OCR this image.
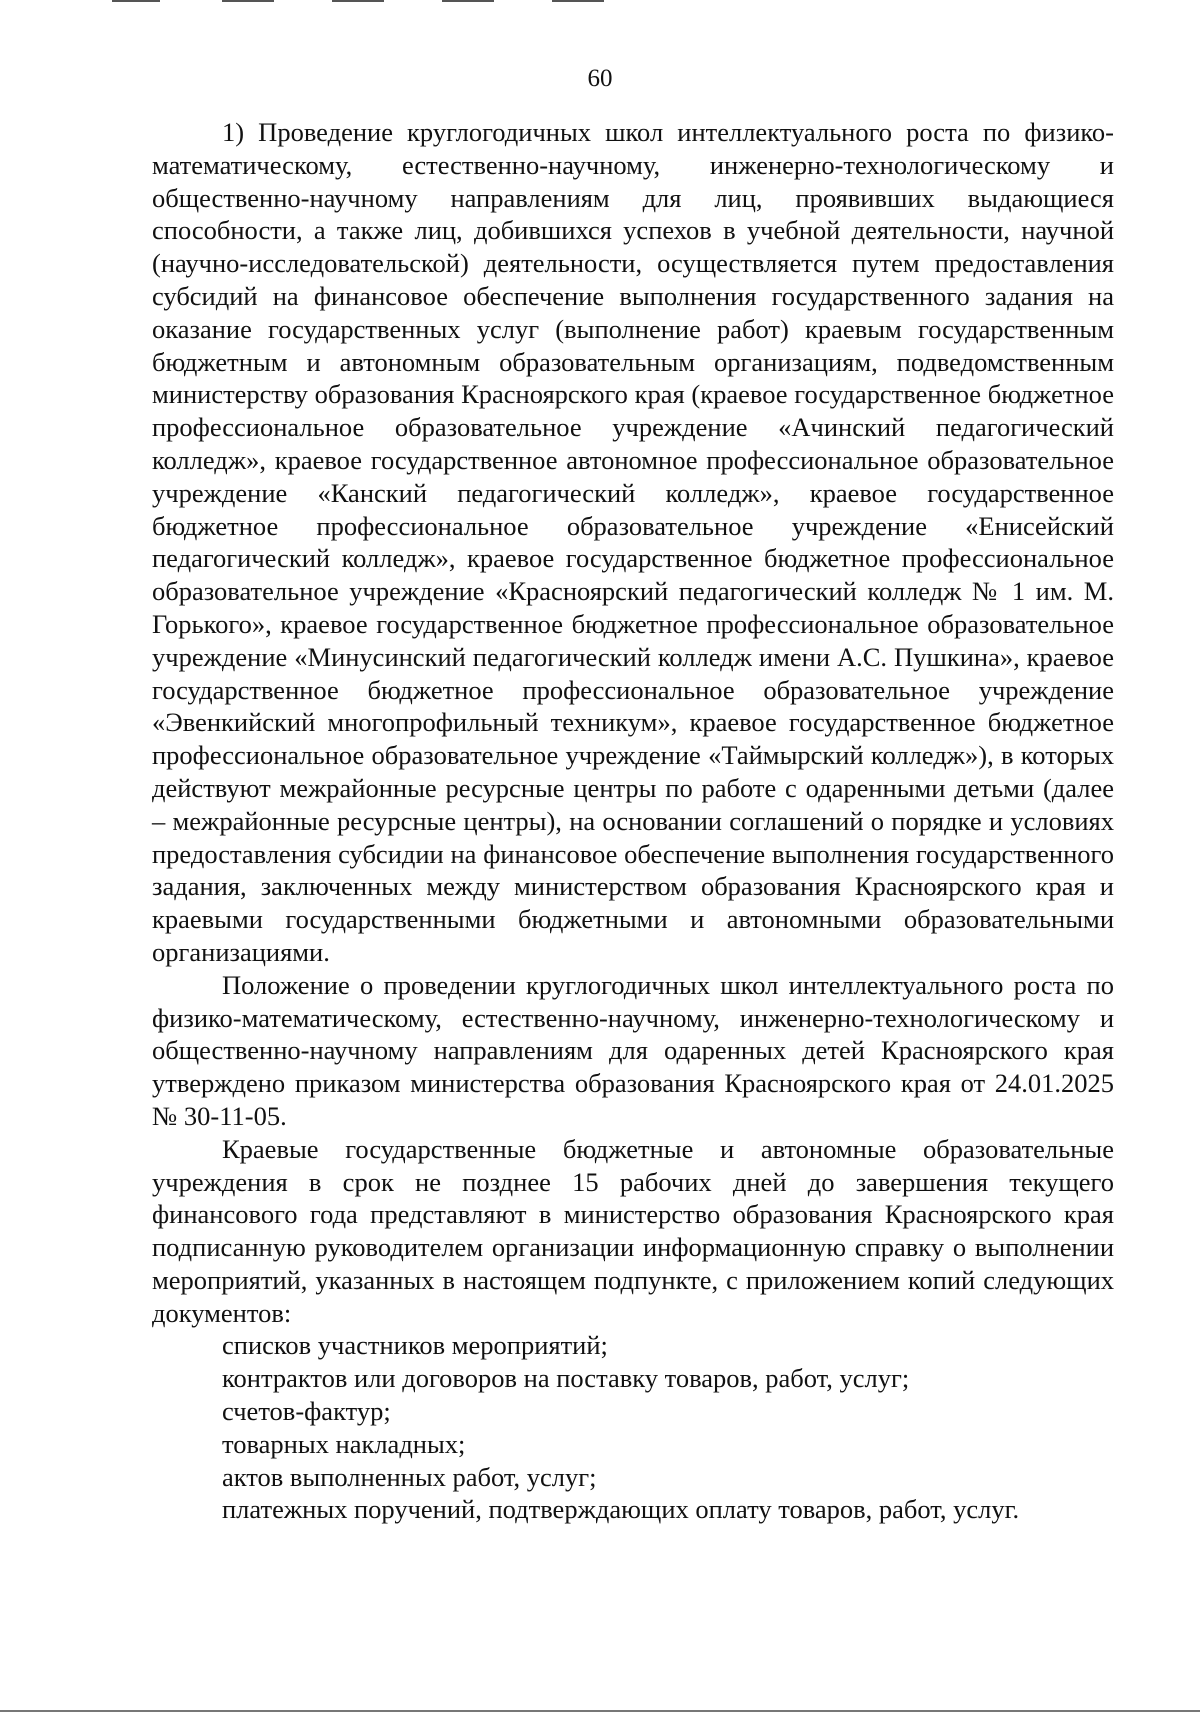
60

1) Проведение круглогодичных школ интеллектуального роста по физико-математическому, естественно-научному, инженерно-технологическому и общественно-научному направлениям для лиц, проявивших выдающиеся способности, а также лиц, добившихся успехов в учебной деятельности, научной (научно-исследовательской) деятельности, осуществляется путем предоставления субсидий на финансовое обеспечение выполнения государственного задания на оказание государственных услуг (выполнение работ) краевым государственным бюджетным и автономным образовательным организациям, подведомственным министерству образования Красноярского края (краевое государственное бюджетное профессиональное образовательное учреждение «Ачинский педагогический колледж», краевое государственное автономное профессиональное образовательное учреждение «Канский педагогический колледж», краевое государственное бюджетное профессиональное образовательное учреждение «Енисейский педагогический колледж», краевое государственное бюджетное профессиональное образовательное учреждение «Красноярский педагогический колледж № 1 им. М. Горького», краевое государственное бюджетное профессиональное образовательное учреждение «Минусинский педагогический колледж имени А.С. Пушкина», краевое государственное бюджетное профессиональное образовательное учреждение «Эвенкийский многопрофильный техникум», краевое государственное бюджетное профессиональное образовательное учреждение «Таймырский колледж»), в которых действуют межрайонные ресурсные центры по работе с одаренными детьми (далее – межрайонные ресурсные центры), на основании соглашений о порядке и условиях предоставления субсидии на финансовое обеспечение выполнения государственного задания, заключенных между министерством образования Красноярского края и краевыми государственными бюджетными и автономными образовательными организациями.

Положение о проведении круглогодичных школ интеллектуального роста по физико-математическому, естественно-научному, инженерно-технологическому и общественно-научному направлениям для одаренных детей Красноярского края утверждено приказом министерства образования Красноярского края от 24.01.2025 № 30-11-05.

Краевые государственные бюджетные и автономные образовательные учреждения в срок не позднее 15 рабочих дней до завершения текущего финансового года представляют в министерство образования Красноярского края подписанную руководителем организации информационную справку о выполнении мероприятий, указанных в настоящем подпункте, с приложением копий следующих документов:

списков участников мероприятий;

контрактов или договоров на поставку товаров, работ, услуг;

счетов-фактур;

товарных накладных;

актов выполненных работ, услуг;

платежных поручений, подтверждающих оплату товаров, работ, услуг.
